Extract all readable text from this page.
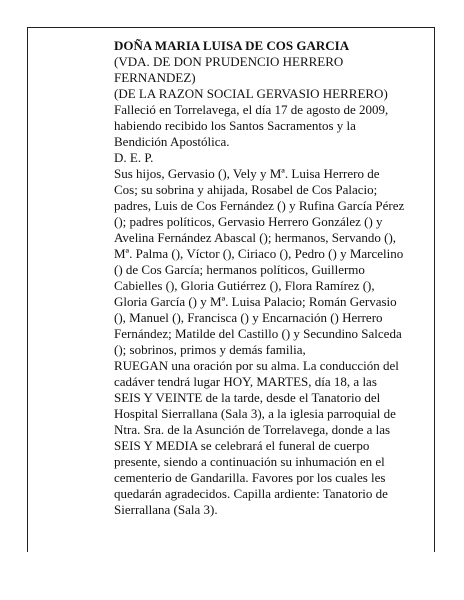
DOÑA MARIA LUISA DE COS GARCIA
(VDA. DE DON PRUDENCIO HERRERO
FERNANDEZ)
(DE LA RAZON SOCIAL GERVASIO HERRERO)
Falleció en Torrelavega, el día 17 de agosto de 2009,
habiendo recibido los Santos Sacramentos y la
Bendición Apostólica.
D. E. P.
Sus hijos, Gervasio (), Vely y Mª. Luisa Herrero de
Cos; su sobrina y ahijada, Rosabel de Cos Palacio;
padres, Luis de Cos Fernández () y Rufina García Pérez
(); padres políticos, Gervasio Herrero González () y
Avelina Fernández Abascal (); hermanos, Servando (),
Mª. Palma (), Víctor (), Ciriaco (), Pedro () y Marcelino
() de Cos García; hermanos políticos, Guillermo
Cabielles (), Gloria Gutiérrez (), Flora Ramírez (),
Gloria García () y Mª. Luisa Palacio; Román Gervasio
(), Manuel (), Francisca () y Encarnación () Herrero
Fernández; Matilde del Castillo () y Secundino Salceda
(); sobrinos, primos y demás familia,
RUEGAN una oración por su alma. La conducción del
cadáver tendrá lugar HOY, MARTES, día 18, a las
SEIS Y VEINTE de la tarde, desde el Tanatorio del
Hospital Sierrallana (Sala 3), a la iglesia parroquial de
Ntra. Sra. de la Asunción de Torrelavega, donde a las
SEIS Y MEDIA se celebrará el funeral de cuerpo
presente, siendo a continuación su inhumación en el
cementerio de Gandarilla. Favores por los cuales les
quedarán agradecidos. Capilla ardiente: Tanatorio de
Sierrallana (Sala 3).
